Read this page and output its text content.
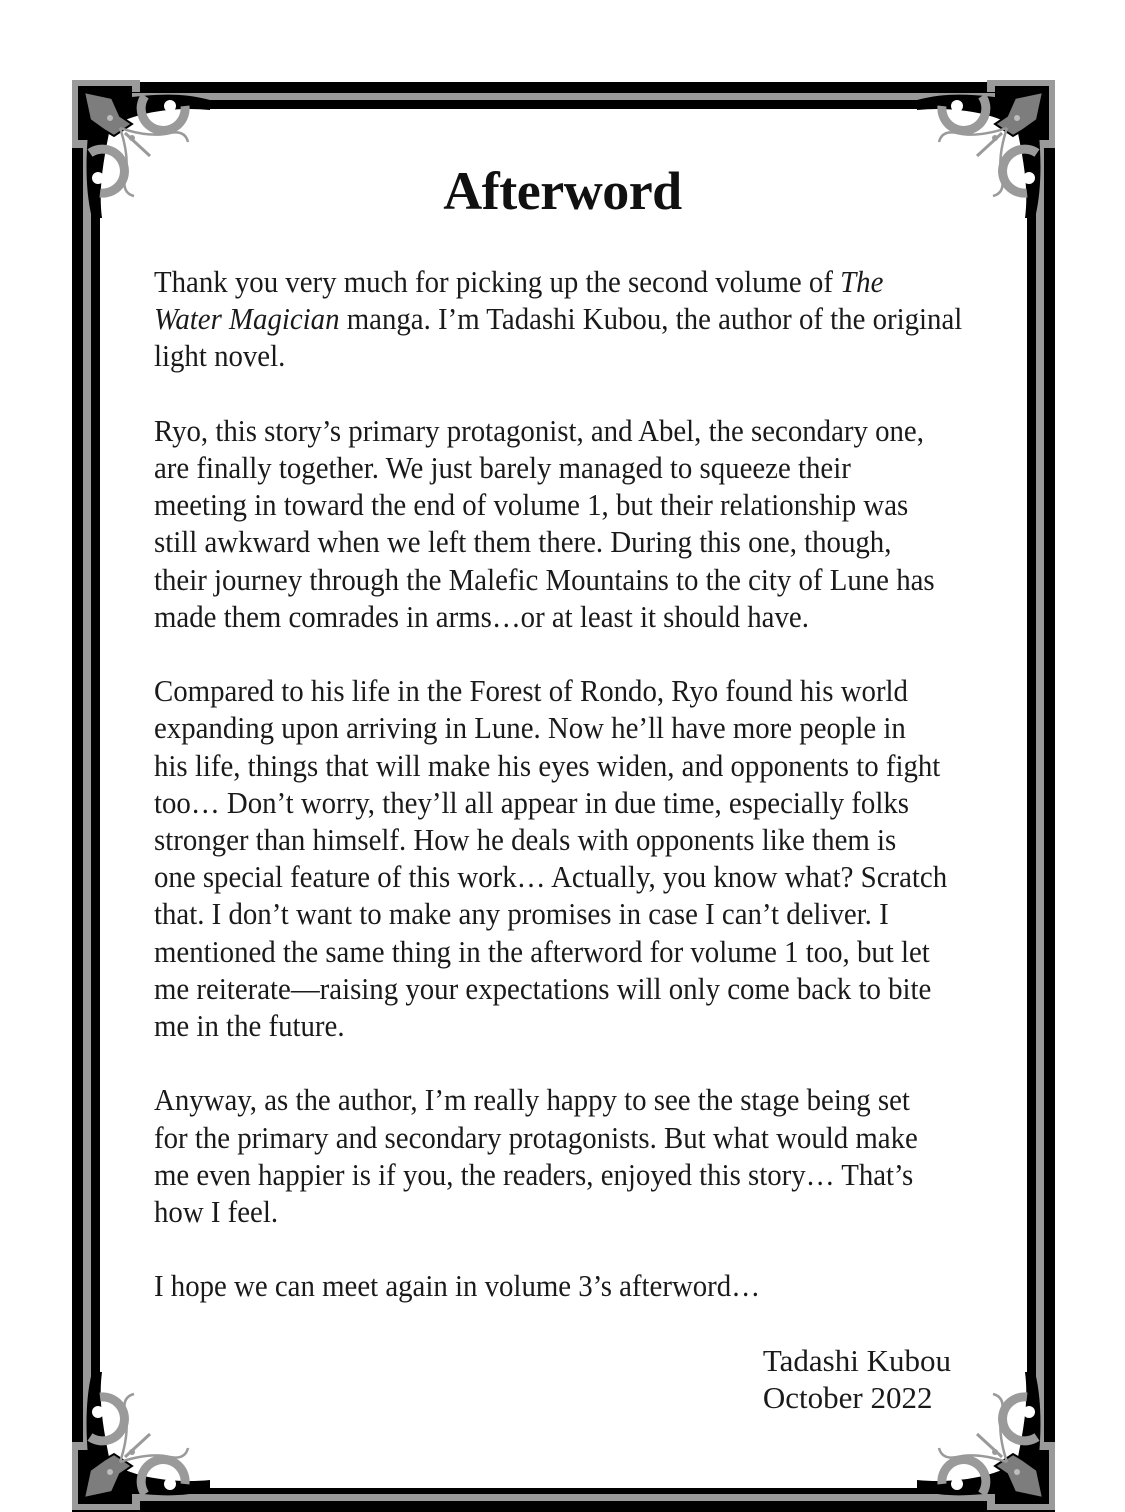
Afterword

Thank you very much for picking up the second volume of The
Water Magician manga. I’m Tadashi Kubou, the author of the original
light novel.

Ryo, this story’s primary protagonist, and Abel, the secondary one,
are finally together. We just barely managed to squeeze their
meeting in toward the end of volume 1, but their relationship was
still awkward when we left them there. During this one, though,
their journey through the Malefic Mountains to the city of Lune has
made them comrades in arms…or at least it should have.

Compared to his life in the Forest of Rondo, Ryo found his world
expanding upon arriving in Lune. Now he’ll have more people in
his life, things that will make his eyes widen, and opponents to fight
too… Don’t worry, they’ll all appear in due time, especially folks
stronger than himself. How he deals with opponents like them is
one special feature of this work… Actually, you know what? Scratch
that. I don’t want to make any promises in case I can’t deliver. I
mentioned the same thing in the afterword for volume 1 too, but let
me reiterate—raising your expectations will only come back to bite
me in the future.

Anyway, as the author, I’m really happy to see the stage being set
for the primary and secondary protagonists. But what would make
me even happier is if you, the readers, enjoyed this story… That’s
how I feel.

I hope we can meet again in volume 3’s afterword…

Tadashi Kubou
October 2022
